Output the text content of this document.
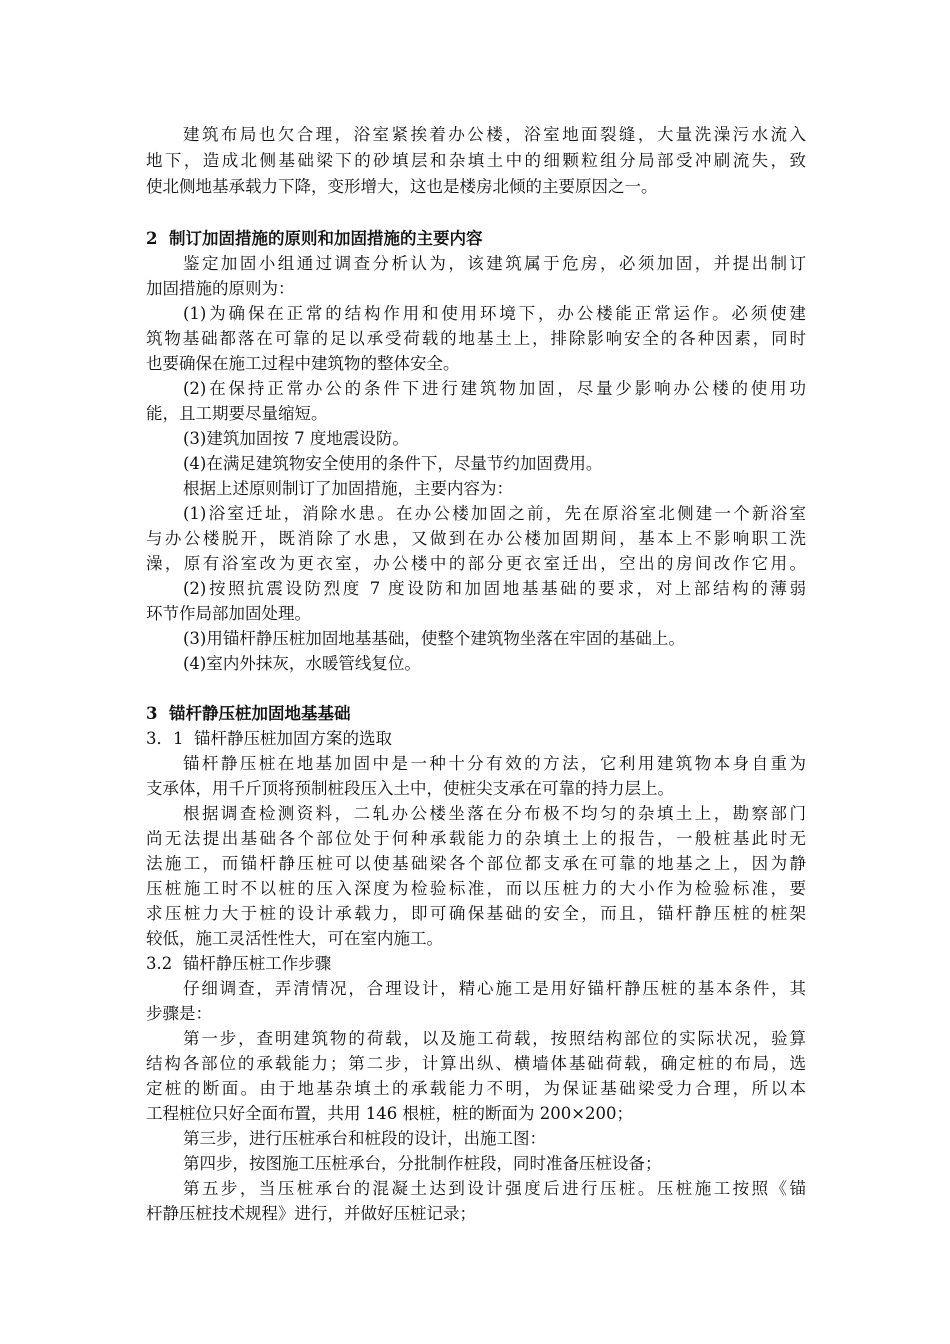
建筑布局也欠合理，浴室紧挨着办公楼，浴室地面裂缝，大量洗澡污水流入
地下，造成北侧基础梁下的砂填层和杂填土中的细颗粒组分局部受冲刷流失，致
使北侧地基承载力下降，变形增大，这也是楼房北倾的主要原因之一。
2  制订加固措施的原则和加固措施的主要内容
鉴定加固小组通过调查分析认为，该建筑属于危房，必须加固，并提出制订
加固措施的原则为：
(1)为确保在正常的结构作用和使用环境下，办公楼能正常运作。必须使建
筑物基础都落在可靠的足以承受荷载的地基土上，排除影响安全的各种因素，同时
也要确保在施工过程中建筑物的整体安全。
(2)在保持正常办公的条件下进行建筑物加固，尽量少影响办公楼的使用功
能，且工期要尽量缩短。
(3)建筑加固按 7 度地震设防。
(4)在满足建筑物安全使用的条件下，尽量节约加固费用。
根据上述原则制订了加固措施，主要内容为：
(1)浴室迁址，消除水患。在办公楼加固之前，先在原浴室北侧建一个新浴室
与办公楼脱开，既消除了水患，又做到在办公楼加固期间，基本上不影响职工洗
澡，原有浴室改为更衣室，办公楼中的部分更衣室迁出，空出的房间改作它用。
(2)按照抗震设防烈度 7 度设防和加固地基基础的要求，对上部结构的薄弱
环节作局部加固处理。
(3)用锚杆静压桩加固地基基础，使整个建筑物坐落在牢固的基础上。
(4)室内外抹灰，水暖管线复位。
3  锚杆静压桩加固地基基础
3．1  锚杆静压桩加固方案的选取
锚杆静压桩在地基加固中是一种十分有效的方法，它利用建筑物本身自重为
支承体，用千斤顶将预制桩段压入土中，使桩尖支承在可靠的持力层上。
根据调查检测资料，二轧办公楼坐落在分布极不均匀的杂填土上，勘察部门
尚无法提出基础各个部位处于何种承载能力的杂填土上的报告，一般桩基此时无
法施工，而锚杆静压桩可以使基础梁各个部位都支承在可靠的地基之上，因为静
压桩施工时不以桩的压入深度为检验标准，而以压桩力的大小作为检验标准，要
求压桩力大于桩的设计承载力，即可确保基础的安全，而且，锚杆静压桩的桩架
较低，施工灵活性性大，可在室内施工。
3.2  锚杆静压桩工作步骤
仔细调查，弄清情况，合理设计，精心施工是用好锚杆静压桩的基本条件，其
步骤是：
第一步，查明建筑物的荷载，以及施工荷载，按照结构部位的实际状况，验算
结构各部位的承载能力；第二步，计算出纵、横墙体基础荷载，确定桩的布局，选
定桩的断面。由于地基杂填土的承载能力不明，为保证基础梁受力合理，所以本
工程桩位只好全面布置，共用 146 根桩，桩的断面为 200×200；
第三步，进行压桩承台和桩段的设计，出施工图：
第四步，按图施工压桩承台，分批制作桩段，同时准备压桩设备；
第五步，当压桩承台的混凝土达到设计强度后进行压桩。压桩施工按照《锚
杆静压桩技术规程》进行，并做好压桩记录；
